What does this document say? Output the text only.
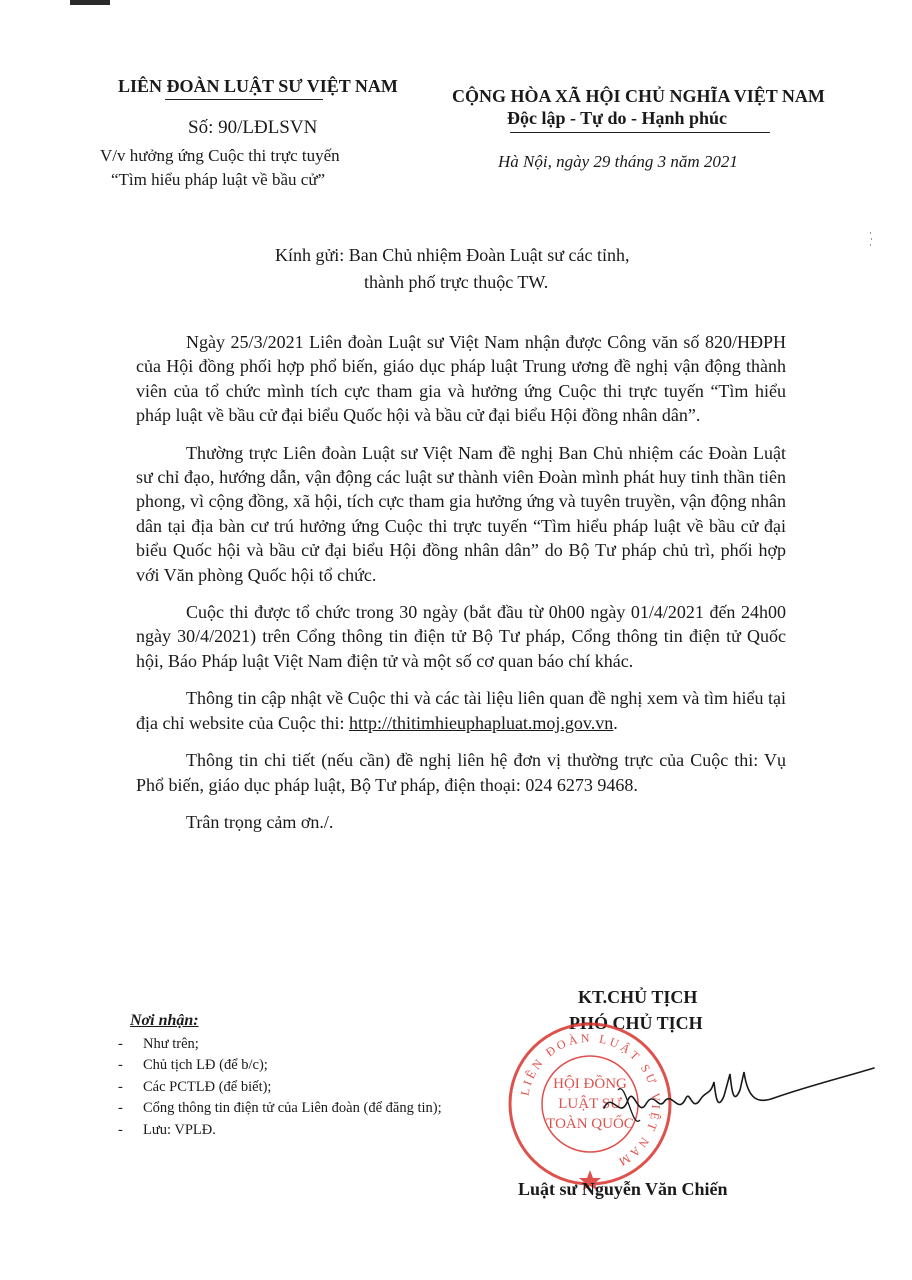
LIÊN ĐOÀN LUẬT SƯ VIỆT NAM
Số: 90/LĐLSVN
V/v hưởng ứng Cuộc thi trực tuyến
“Tìm hiểu pháp luật về bầu cử”
CỘNG HÒA XÃ HỘI CHỦ NGHĨA VIỆT NAM
Độc lập - Tự do - Hạnh phúc
Hà Nội, ngày 29 tháng 3 năm 2021
Kính gửi: Ban Chủ nhiệm Đoàn Luật sư các tỉnh,
thành phố trực thuộc TW.

Ngày 25/3/2021 Liên đoàn Luật sư Việt Nam nhận được Công văn số 820/HĐPH của Hội đồng phối hợp phổ biến, giáo dục pháp luật Trung ương đề nghị vận động thành viên của tổ chức mình tích cực tham gia và hưởng ứng Cuộc thi trực tuyến “Tìm hiểu pháp luật về bầu cử đại biểu Quốc hội và bầu cử đại biểu Hội đồng nhân dân”.

Thường trực Liên đoàn Luật sư Việt Nam đề nghị Ban Chủ nhiệm các Đoàn Luật sư chỉ đạo, hướng dẫn, vận động các luật sư thành viên Đoàn mình phát huy tinh thần tiên phong, vì cộng đồng, xã hội, tích cực tham gia hưởng ứng và tuyên truyền, vận động nhân dân tại địa bàn cư trú hưởng ứng Cuộc thi trực tuyến “Tìm hiểu pháp luật về bầu cử đại biểu Quốc hội và bầu cử đại biểu Hội đồng nhân dân” do Bộ Tư pháp chủ trì, phối hợp với Văn phòng Quốc hội tổ chức.

Cuộc thi được tổ chức trong 30 ngày (bắt đầu từ 0h00 ngày 01/4/2021 đến 24h00 ngày 30/4/2021) trên Cổng thông tin điện tử Bộ Tư pháp, Cổng thông tin điện tử Quốc hội, Báo Pháp luật Việt Nam điện tử và một số cơ quan báo chí khác.

Thông tin cập nhật về Cuộc thi và các tài liệu liên quan đề nghị xem và tìm hiểu tại địa chỉ website của Cuộc thi: http://thitimhieuphapluat.moj.gov.vn.

Thông tin chi tiết (nếu cần) đề nghị liên hệ đơn vị thường trực của Cuộc thi: Vụ Phổ biến, giáo dục pháp luật, Bộ Tư pháp, điện thoại: 024 6273 9468.

Trân trọng cảm ơn./.

Nơi nhận:
- Như trên;
- Chủ tịch LĐ (để b/c);
- Các PCTLĐ (để biết);
- Cổng thông tin điện tử của Liên đoàn (để đăng tin);
- Lưu: VPLĐ.
KT.CHỦ TỊCH
PHÓ CHỦ TỊCH
LIÊN ĐOÀN LUẬT SƯ VIỆT NAM
HỘI ĐỒNG
LUẬT SƯ
TOÀN QUỐC
Luật sư Nguyễn Văn Chiến
